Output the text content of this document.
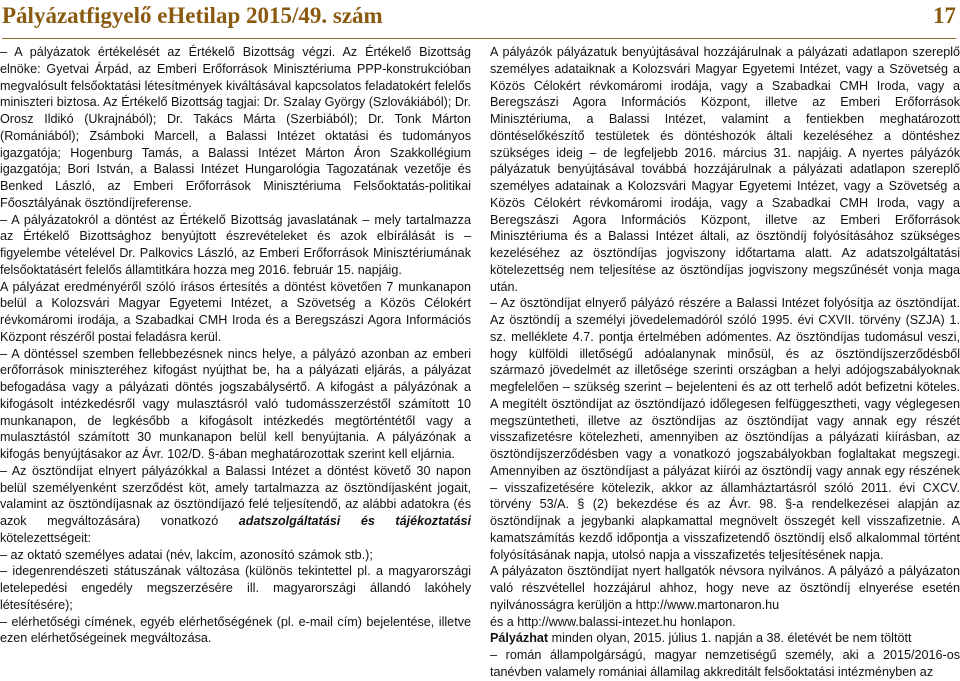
Pályázatfigyelő eHetilap 2015/49. szám	17

– A pályázatok értékelését az Értékelő Bizottság végzi. Az Értékelő Bizottság elnöke: Gyetvai Árpád, az Emberi Erőforrások Minisztériuma PPP-konstrukcióban megvalósult felsőoktatási létesítmények kiváltásával kapcsolatos feladatokért felelős miniszteri biztosa. Az Értékelő Bizottság tagjai: Dr. Szalay György (Szlovákiából); Dr. Orosz Ildikó (Ukrajnából); Dr. Takács Márta (Szerbiából); Dr. Tonk Márton (Romániából); Zsámboki Marcell, a Balassi Intézet oktatási és tudományos igazgatója; Hogenburg Tamás, a Balassi Intézet Márton Áron Szakkollégium igazgatója; Bori István, a Balassi Intézet Hungarológia Tagozatának vezetője és Benked László, az Emberi Erőforrások Minisztériuma Felsőoktatás-politikai Főosztályának ösztöndíjreferense.

– A pályázatokról a döntést az Értékelő Bizottság javaslatának – mely tartalmazza az Értékelő Bizottsághoz benyújtott észrevételeket és azok elbírálását is – figyelembe vételével Dr. Palkovics László, az Emberi Erőforrások Minisztériumának felsőoktatásért felelős államtitkára hozza meg 2016. február 15. napjáig.

A pályázat eredményéről szóló írásos értesítés a döntést követően 7 munkanapon belül a Kolozsvári Magyar Egyetemi Intézet, a Szövetség a Közös Célokért révkomáromi irodája, a Szabadkai CMH Iroda és a Beregszászi Agora Információs Központ részéről postai feladásra kerül.

– A döntéssel szemben fellebbezésnek nincs helye, a pályázó azonban az emberi erőforrások miniszteréhez kifogást nyújthat be, ha a pályázati eljárás, a pályázat befogadása vagy a pályázati döntés jogszabálysértő. A kifogást a pályázónak a kifogásolt intézkedésről vagy mulasztásról való tudomásszerzéstől számított 10 munkanapon, de legkésőbb a kifogásolt intézkedés megtörténtétől vagy a mulasztástól számított 30 munkanapon belül kell benyújtania. A pályázónak a kifogás benyújtásakor az Ávr. 102/D. §-ában meghatározottak szerint kell eljárnia.

– Az ösztöndíjat elnyert pályázókkal a Balassi Intézet a döntést követő 30 napon belül személyenként szerződést köt, amely tartalmazza az ösztöndíjasként jogait, valamint az ösztöndíjasnak az ösztöndíjazó felé teljesítendő, az alábbi adatokra (és azok megváltozására) vonatkozó adatszolgáltatási és tájékoztatási kötelezettségeit:

– az oktató személyes adatai (név, lakcím, azonosító számok stb.);

– idegenrendészeti státuszának változása (különös tekintettel pl. a magyarországi letelepedési engedély megszerzésére ill. magyarországi állandó lakóhely létesítésére);

– elérhetőségi címének, egyéb elérhetőségének (pl. e-mail cím) bejelentése, illetve ezen elérhetőségeinek megváltozása.

A pályázók pályázatuk benyújtásával hozzájárulnak a pályázati adatlapon szereplő személyes adataiknak a Kolozsvári Magyar Egyetemi Intézet, vagy a Szövetség a Közös Célokért révkomáromi irodája, vagy a Szabadkai CMH Iroda, vagy a Beregszászi Agora Információs Központ, illetve az Emberi Erőforrások Minisztériuma, a Balassi Intézet, valamint a fentiekben meghatározott döntéselőkészítő testületek és döntéshozók általi kezeléséhez a döntéshez szükséges ideig – de legfeljebb 2016. március 31. napjáig. A nyertes pályázók pályázatuk benyújtásával továbbá hozzájárulnak a pályázati adatlapon szereplő személyes adatainak a Kolozsvári Magyar Egyetemi Intézet, vagy a Szövetség a Közös Célokért révkomáromi irodája, vagy a Szabadkai CMH Iroda, vagy a Beregszászi Agora Információs Központ, illetve az Emberi Erőforrások Minisztériuma és a Balassi Intézet általi, az ösztöndíj folyósításához szükséges kezeléséhez az ösztöndíjas jogviszony időtartama alatt. Az adatszolgáltatási kötelezettség nem teljesítése az ösztöndíjas jogviszony megszűnését vonja maga után.

– Az ösztöndíjat elnyerő pályázó részére a Balassi Intézet folyósítja az ösztöndíjat. Az ösztöndíj a személyi jövedelemadóról szóló 1995. évi CXVII. törvény (SZJA) 1. sz. melléklete 4.7. pontja értelmében adómentes. Az ösztöndíjas tudomásul veszi, hogy külföldi illetőségű adóalanynak minősül, és az ösztöndíjszerződésből származó jövedelmét az illetősége szerinti országban a helyi adójogszabályoknak megfelelően – szükség szerint – bejelenteni és az ott terhelő adót befizetni köteles. A megítélt ösztöndíjat az ösztöndíjazó időlegesen felfüggesztheti, vagy véglegesen megszüntetheti, illetve az ösztöndíjas az ösztöndíjat vagy annak egy részét visszafizetésre kötelezheti, amennyiben az ösztöndíjas a pályázati kiírásban, az ösztöndíjszerződésben vagy a vonatkozó jogszabályokban foglaltakat megszegi. Amennyiben az ösztöndíjast a pályázat kiírói az ösztöndíj vagy annak egy részének – visszafizetésére kötelezik, akkor az államháztartásról szóló 2011. évi CXCV. törvény 53/A. § (2) bekezdése és az Ávr. 98. §-a rendelkezései alapján az ösztöndíjnak a jegybanki alapkamattal megnövelt összegét kell visszafizetnie. A kamatszámítás kezdő időpontja a visszafizetendő ösztöndíj első alkalommal történt folyósításának napja, utolsó napja a visszafizetés teljesítésének napja.

A pályázaton ösztöndíjat nyert hallgatók névsora nyilvános. A pályázó a pályázaton való részvétellel hozzájárul ahhoz, hogy neve az ösztöndíj elnyerése esetén nyilvánosságra kerüljön a http://www.martonaron.hu

és a http://www.balassi-intezet.hu honlapon.

Pályázhat minden olyan, 2015. július 1. napján a 38. életévét be nem töltött

– román állampolgárságú, magyar nemzetiségű személy, aki a 2015/2016-os tanévben valamely romániai államilag akkreditált felsőoktatási intézményben az
